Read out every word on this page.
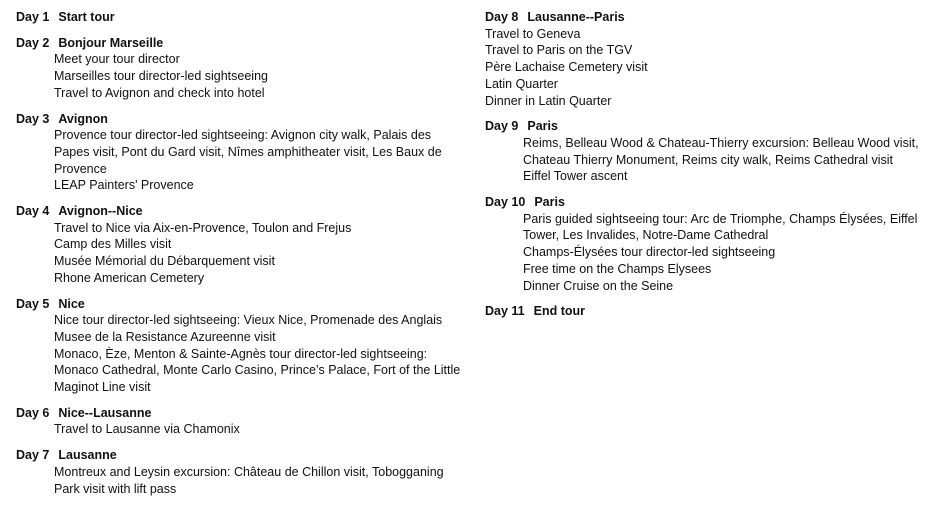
Day 1 Start tour
Day 2 Bonjour Marseille
Meet your tour director
Marseilles tour director-led sightseeing
Travel to Avignon and check into hotel
Day 3 Avignon
Provence tour director-led sightseeing: Avignon city walk, Palais des Papes visit, Pont du Gard visit, Nîmes amphitheater visit, Les Baux de Provence
LEAP Painters' Provence
Day 4 Avignon--Nice
Travel to Nice via Aix-en-Provence, Toulon and Frejus
Camp des Milles visit
Musée Mémorial du Débarquement visit
Rhone American Cemetery
Day 5 Nice
Nice tour director-led sightseeing: Vieux Nice, Promenade des Anglais
Musee de la Resistance Azureenne visit
Monaco, Èze, Menton & Sainte-Agnès tour director-led sightseeing: Monaco Cathedral, Monte Carlo Casino, Prince’s Palace, Fort of the Little Maginot Line visit
Day 6 Nice--Lausanne
Travel to Lausanne via Chamonix
Day 7 Lausanne
Montreux and Leysin excursion: Château de Chillon visit, Tobogganing Park visit with lift pass
Day 8 Lausanne--Paris
Travel to Geneva
Travel to Paris on the TGV
Père Lachaise Cemetery visit
Latin Quarter
Dinner in Latin Quarter
Day 9 Paris
Reims, Belleau Wood & Chateau-Thierry excursion: Belleau Wood visit, Chateau Thierry Monument, Reims city walk, Reims Cathedral visit
Eiffel Tower ascent
Day 10 Paris
Paris guided sightseeing tour: Arc de Triomphe, Champs Élysées, Eiffel Tower, Les Invalides, Notre-Dame Cathedral
Champs-Élysées tour director-led sightseeing
Free time on the Champs Elysees
Dinner Cruise on the Seine
Day 11 End tour
